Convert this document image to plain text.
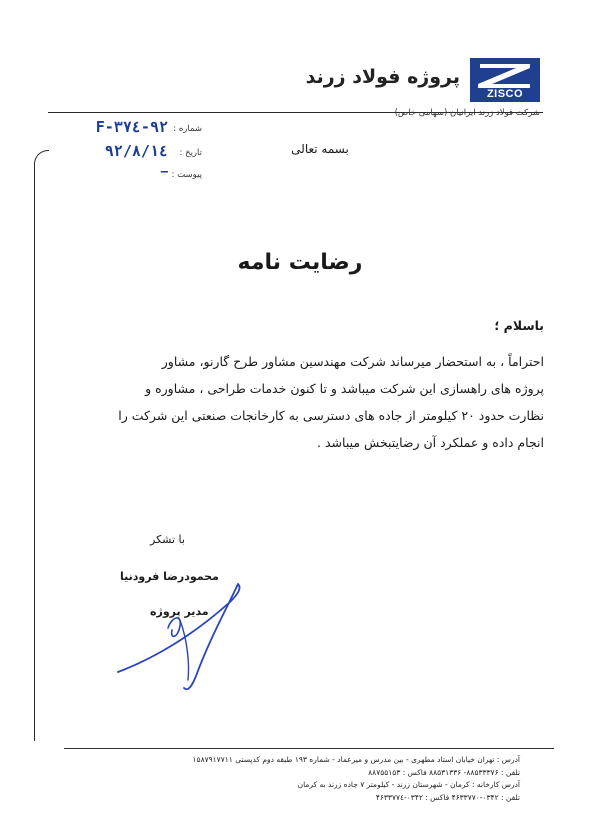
ZISCO
پروژه فولاد زرند
شرکت فولاد زرند ایرانیان (سهامی خاص)
شماره :
۹۲-F-۳۷٤
تاریخ :
۹۲/۸/۱٤
پیوست :
—
بسمه تعالی
رضایت نامه
باسلام ؛
احتراماً ، به استحضار میرساند شرکت مهندسین مشاور طرح گارنو، مشاور
پروژه های راهسازی این شرکت میباشد و تا کنون خدمات طراحی ، مشاوره و
نظارت حدود ۲۰ کیلومتر از جاده های دسترسی به کارخانجات صنعتی این شرکت را
انجام داده و عملکرد آن رضایتبخش میباشد .
با تشکر
محمودرضا فرودنیا
مدیر پروژه
آدرس : تهران خیابان استاد مطهری - بین مدرس و میرعماد - شماره ۱۹۳ طبقه دوم کدپستی ۱۵۸۷۹۱۷۷۱۱
تلفن : ۸۸۵۳۳۳۷۶- ۸۸۵۳۱۳۳۶ فاکس : ۸۸۷۵۵۱۵۳
آدرس کارخانه : کرمان - شهرستان زرند - کیلومتر ۷ جاده زرند به کرمان
تلفن : ۰۳۴۲-۴۶۳۳۷۷۰ فاکس : ۰۳۴۲-۴۶۳۳۷۷٤
